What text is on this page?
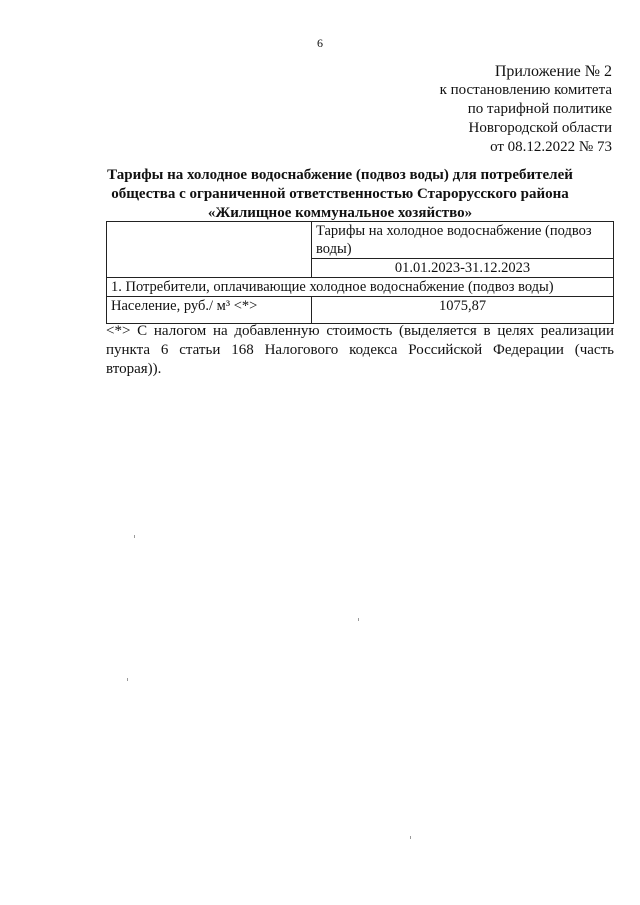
6
Приложение № 2
к постановлению комитета
по тарифной политике
Новгородской области
от 08.12.2022 № 73
Тарифы на холодное водоснабжение (подвоз воды) для потребителей
общества с ограниченной ответственностью Старорусского района
«Жилищное коммунальное хозяйство»
	Тарифы на холодное водоснабжение (подвоз воды)
	01.01.2023-31.12.2023
1. Потребители, оплачивающие холодное водоснабжение (подвоз воды)	
Население, руб./ м³ <*>	1075,87
<*> С налогом на добавленную стоимость (выделяется в целях реализации
пункта 6 статьи 168 Налогового кодекса Российской Федерации (часть
вторая)).
